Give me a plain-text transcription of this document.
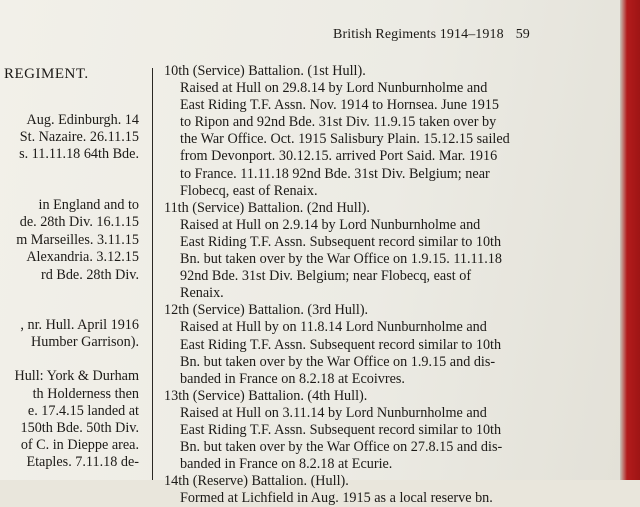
British Regiments 1914–1918 59
REGIMENT.
Aug. Edinburgh. 14
St. Nazaire. 26.11.15
s. 11.11.18 64th Bde.
in England and to
de. 28th Div. 16.1.15
m Marseilles. 3.11.15
Alexandria. 3.12.15
rd Bde. 28th Div.
, nr. Hull. April 1916
Humber Garrison).
Hull: York & Durham
th Holderness then
e. 17.4.15 landed at
150th Bde. 50th Div.
of C. in Dieppe area.
Etaples. 7.11.18 de-
10th (Service) Battalion. (1st Hull).
Raised at Hull on 29.8.14 by Lord Nunburnholme and
East Riding T.F. Assn. Nov. 1914 to Hornsea. June 1915
to Ripon and 92nd Bde. 31st Div. 11.9.15 taken over by
the War Office. Oct. 1915 Salisbury Plain. 15.12.15 sailed
from Devonport. 30.12.15. arrived Port Said. Mar. 1916
to France. 11.11.18 92nd Bde. 31st Div. Belgium; near
Flobecq, east of Renaix.
11th (Service) Battalion. (2nd Hull).
Raised at Hull on 2.9.14 by Lord Nunburnholme and
East Riding T.F. Assn. Subsequent record similar to 10th
Bn. but taken over by the War Office on 1.9.15. 11.11.18
92nd Bde. 31st Div. Belgium; near Flobecq, east of
Renaix.
12th (Service) Battalion. (3rd Hull).
Raised at Hull by on 11.8.14 Lord Nunburnholme and
East Riding T.F. Assn. Subsequent record similar to 10th
Bn. but taken over by the War Office on 1.9.15 and dis-
banded in France on 8.2.18 at Ecoivres.
13th (Service) Battalion. (4th Hull).
Raised at Hull on 3.11.14 by Lord Nunburnholme and
East Riding T.F. Assn. Subsequent record similar to 10th
Bn. but taken over by the War Office on 27.8.15 and dis-
banded in France on 8.2.18 at Ecurie.
14th (Reserve) Battalion. (Hull).
Formed at Lichfield in Aug. 1915 as a local reserve bn.
